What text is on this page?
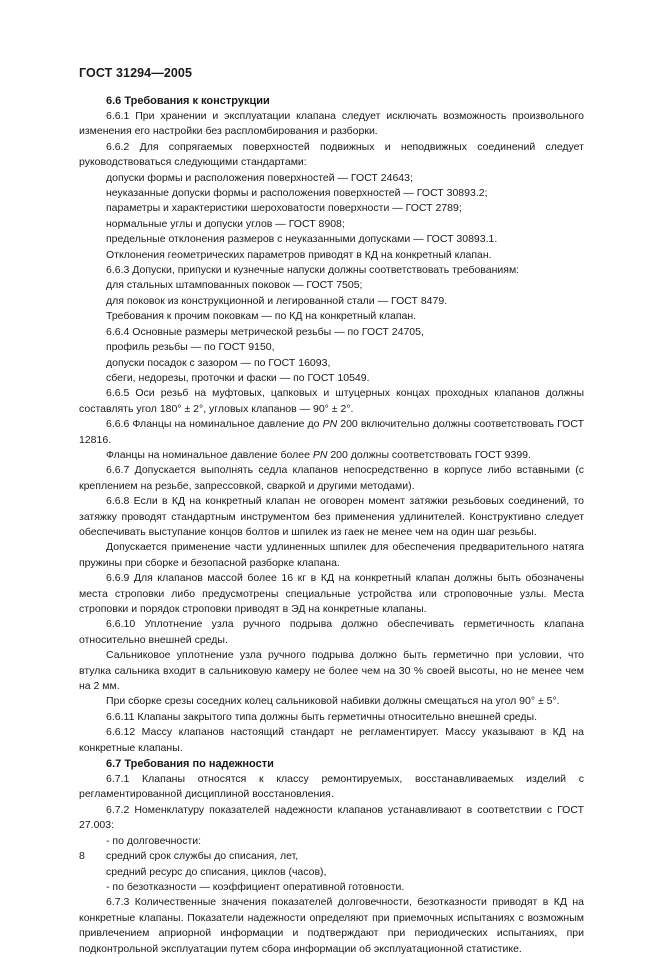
ГОСТ 31294—2005

6.6 Требования к конструкции

6.6.1 При хранении и эксплуатации клапана следует исключать возможность произвольного изменения его настройки без распломбирования и разборки.

6.6.2 Для сопрягаемых поверхностей подвижных и неподвижных соединений следует руководствоваться следующими стандартами:

допуски формы и расположения поверхностей — ГОСТ 24643;

неуказанные допуски формы и расположения поверхностей — ГОСТ 30893.2;

параметры и характеристики шероховатости поверхности — ГОСТ 2789;

нормальные углы и допуски углов — ГОСТ 8908;

предельные отклонения размеров с неуказанными допусками — ГОСТ 30893.1.

Отклонения геометрических параметров приводят в КД на конкретный клапан.

6.6.3 Допуски, припуски и кузнечные напуски должны соответствовать требованиям:

для стальных штампованных поковок — ГОСТ 7505;

для поковок из конструкционной и легированной стали — ГОСТ 8479.

Требования к прочим поковкам — по КД на конкретный клапан.

6.6.4 Основные размеры метрической резьбы — по ГОСТ 24705,

профиль резьбы — по ГОСТ 9150,

допуски посадок с зазором — по ГОСТ 16093,

сбеги, недорезы, проточки и фаски — по ГОСТ 10549.

6.6.5 Оси резьб на муфтовых, цапковых и штуцерных концах проходных клапанов должны составлять угол 180° ± 2°, угловых клапанов — 90° ± 2°.

6.6.6 Фланцы на номинальное давление до PN 200 включительно должны соответствовать ГОСТ 12816.

Фланцы на номинальное давление более PN 200 должны соответствовать ГОСТ 9399.

6.6.7 Допускается выполнять седла клапанов непосредственно в корпусе либо вставными (с креплением на резьбе, запрессовкой, сваркой и другими методами).

6.6.8 Если в КД на конкретный клапан не оговорен момент затяжки резьбовых соединений, то затяжку проводят стандартным инструментом без применения удлинителей. Конструктивно следует обеспечивать выступание концов болтов и шпилек из гаек не менее чем на один шаг резьбы.

Допускается применение части удлиненных шпилек для обеспечения предварительного натяга пружины при сборке и безопасной разборке клапана.

6.6.9 Для клапанов массой более 16 кг в КД на конкретный клапан должны быть обозначены места строповки либо предусмотрены специальные устройства или строповочные узлы. Места строповки и порядок строповки приводят в ЭД на конкретные клапаны.

6.6.10 Уплотнение узла ручного подрыва должно обеспечивать герметичность клапана относительно внешней среды.

Сальниковое уплотнение узла ручного подрыва должно быть герметично при условии, что втулка сальника входит в сальниковую камеру не более чем на 30 % своей высоты, но не менее чем на 2 мм.

При сборке срезы соседних колец сальниковой набивки должны смещаться на угол 90° ± 5°.

6.6.11 Клапаны закрытого типа должны быть герметичны относительно внешней среды.

6.6.12 Массу клапанов настоящий стандарт не регламентирует. Массу указывают в КД на конкретные клапаны.

6.7 Требования по надежности

6.7.1 Клапаны относятся к классу ремонтируемых, восстанавливаемых изделий с регламентированной дисциплиной восстановления.

6.7.2 Номенклатуру показателей надежности клапанов устанавливают в соответствии с ГОСТ 27.003:

- по долговечности:

средний срок службы до списания, лет,

средний ресурс до списания, циклов (часов),

- по безотказности — коэффициент оперативной готовности.

6.7.3 Количественные значения показателей долговечности, безотказности приводят в КД на конкретные клапаны. Показатели надежности определяют при приемочных испытаниях с возможным привлечением априорной информации и подтверждают при периодических испытаниях, при подконтрольной эксплуатации путем сбора информации об эксплуатационной статистике.

8
